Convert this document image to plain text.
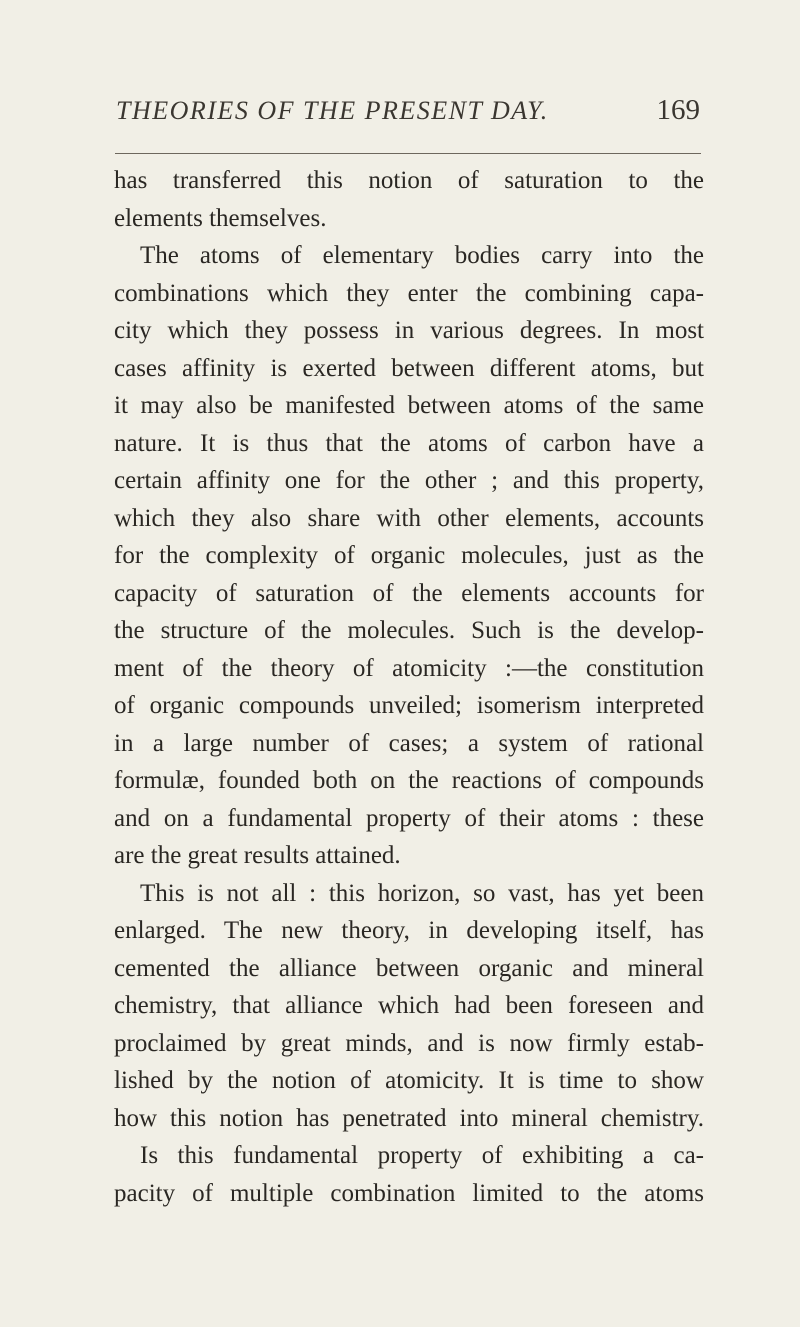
THEORIES OF THE PRESENT DAY.	169
has transferred this notion of saturation to the
elements themselves.
The atoms of elementary bodies carry into the
combinations which they enter the combining capa-
city which they possess in various degrees. In most
cases affinity is exerted between different atoms, but
it may also be manifested between atoms of the same
nature. It is thus that the atoms of carbon have a
certain affinity one for the other ; and this property,
which they also share with other elements, accounts
for the complexity of organic molecules, just as the
capacity of saturation of the elements accounts for
the structure of the molecules. Such is the develop-
ment of the theory of atomicity :—the constitution
of organic compounds unveiled; isomerism interpreted
in a large number of cases; a system of rational
formulæ, founded both on the reactions of compounds
and on a fundamental property of their atoms : these
are the great results attained.
This is not all : this horizon, so vast, has yet been
enlarged. The new theory, in developing itself, has
cemented the alliance between organic and mineral
chemistry, that alliance which had been foreseen and
proclaimed by great minds, and is now firmly estab-
lished by the notion of atomicity. It is time to show
how this notion has penetrated into mineral chemistry.
Is this fundamental property of exhibiting a ca-
pacity of multiple combination limited to the atoms
